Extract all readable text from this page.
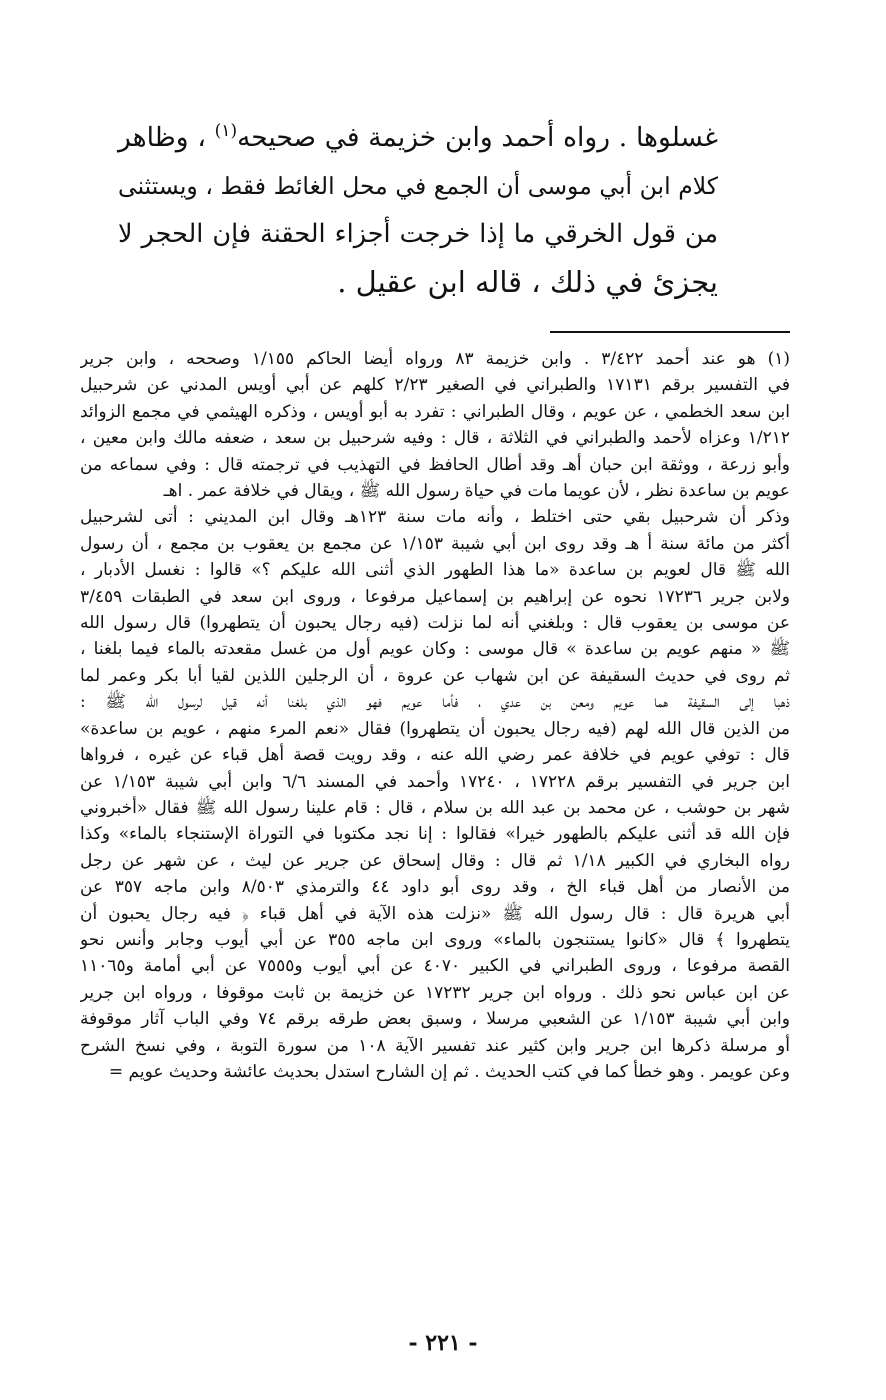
غسلوها . رواه أحمد وابن خزيمة في صحيحه$^{(١)}$ ، وظاهر
كلام ابن أبي موسى أن الجمع في محل الغائط فقط ، ويستثنى
من قول الخرقي ما إذا خرجت أجزاء الحقنة فإن الحجر لا
يجزئ في ذلك ، قاله ابن عقيل .
(١) هو عند أحمد ٣/٤٢٢ . وابن خزيمة ٨٣ ورواه أيضا الحاكم ١/١٥٥ وصححه ، وابن جرير
في التفسير برقم ١٧١٣١ والطبراني في الصغير ٢/٢٣ كلهم عن أبي أويس المدني عن شرحبيل
ابن سعد الخطمي ، عن عويم ، وقال الطبراني : تفرد به أبو أويس ، وذكره الهيثمي في مجمع الزوائد
١/٢١٢ وعزاه لأحمد والطبراني في الثلاثة ، قال : وفيه شرحبيل بن سعد ، ضعفه مالك وابن معين ،
وأبو زرعة ، ووثقة ابن حبان أهـ وقد أطال الحافظ في التهذيب في ترجمته قال : وفي سماعه من
عويم بن ساعدة نظر ، لأن عويما مات في حياة رسول الله ﷺ ، ويقال في خلافة عمر . اهـ
وذكر أن شرحبيل بقي حتى اختلط ، وأنه مات سنة ١٢٣هـ وقال ابن المديني : أتى لشرحبيل
أكثر من مائة سنة أ هـ وقد روى ابن أبي شيبة ١/١٥٣ عن مجمع بن يعقوب بن مجمع ، أن رسول
الله ﷺ قال لعويم بن ساعدة «ما هذا الطهور الذي أثنى الله عليكم ؟» قالوا : نغسل الأدبار ،
ولابن جرير ١٧٢٣٦ نحوه عن إبراهيم بن إسماعيل مرفوعا ، وروى ابن سعد في الطبقات ٣/٤٥٩
عن موسى بن يعقوب قال : وبلغني أنه لما نزلت (فيه رجال يحبون أن يتطهروا) قال رسول الله
ﷺ « منهم عويم بن ساعدة » قال موسى : وكان عويم أول من غسل مقعدته بالماء فيما بلغنا ،
ثم روى في حديث السقيفة عن ابن شهاب عن عروة ، أن الرجلين اللذين لقيا أبا بكر وعمر لما
ذهبا إلى السقيفة هما عويم ومعن بن عدي ، فأما عويم فهو الذي بلغنا أنه قيل لرسول الله ﷺ :
من الذين قال الله لهم (فيه رجال يحبون أن يتطهروا) فقال «نعم المرء منهم ، عويم بن ساعدة»
قال : توفي عويم في خلافة عمر رضي الله عنه ، وقد رويت قصة أهل قباء عن غيره ، فرواها
ابن جرير في التفسير برقم ١٧٢٢٨ ، ١٧٢٤٠ وأحمد في المسند ٦/٦ وابن أبي شيبة ١/١٥٣ عن
شهر بن حوشب ، عن محمد بن عبد الله بن سلام ، قال : قام علينا رسول الله ﷺ فقال «أخبروني
فإن الله قد أثنى عليكم بالطهور خيرا» فقالوا : إنا نجد مكتوبا في التوراة الإستنجاء بالماء» وكذا
رواه البخاري في الكبير ١/١٨ ثم قال : وقال إسحاق عن جرير عن ليث ، عن شهر عن رجل
من الأنصار من أهل قباء الخ ، وقد روى أبو داود ٤٤ والترمذي ٨/٥٠٣ وابن ماجه ٣٥٧ عن
أبي هريرة قال : قال رسول الله ﷺ «نزلت هذه الآية في أهل قباء ﴿ فيه رجال يحبون أن
يتطهروا ﴾ قال «كانوا يستنجون بالماء» وروى ابن ماجه ٣٥٥ عن أبي أيوب وجابر وأنس نحو
القصة مرفوعا ، وروى الطبراني في الكبير ٤٠٧٠ عن أبي أيوب و٧٥٥٥ عن أبي أمامة و١١٠٦٥
عن ابن عباس نحو ذلك . ورواه ابن جرير ١٧٢٣٢ عن خزيمة بن ثابت موقوفا ، ورواه ابن جرير
وابن أبي شيبة ١/١٥٣ عن الشعبي مرسلا ، وسبق بعض طرقه برقم ٧٤ وفي الباب آثار موقوفة
أو مرسلة ذكرها ابن جرير وابن كثير عند تفسير الآية ١٠٨ من سورة التوبة ، وفي نسخ الشرح
وعن عويمر . وهو خطأ كما في كتب الحديث . ثم إن الشارح استدل بحديث عائشة وحديث عويم =
- ٢٢١ -
